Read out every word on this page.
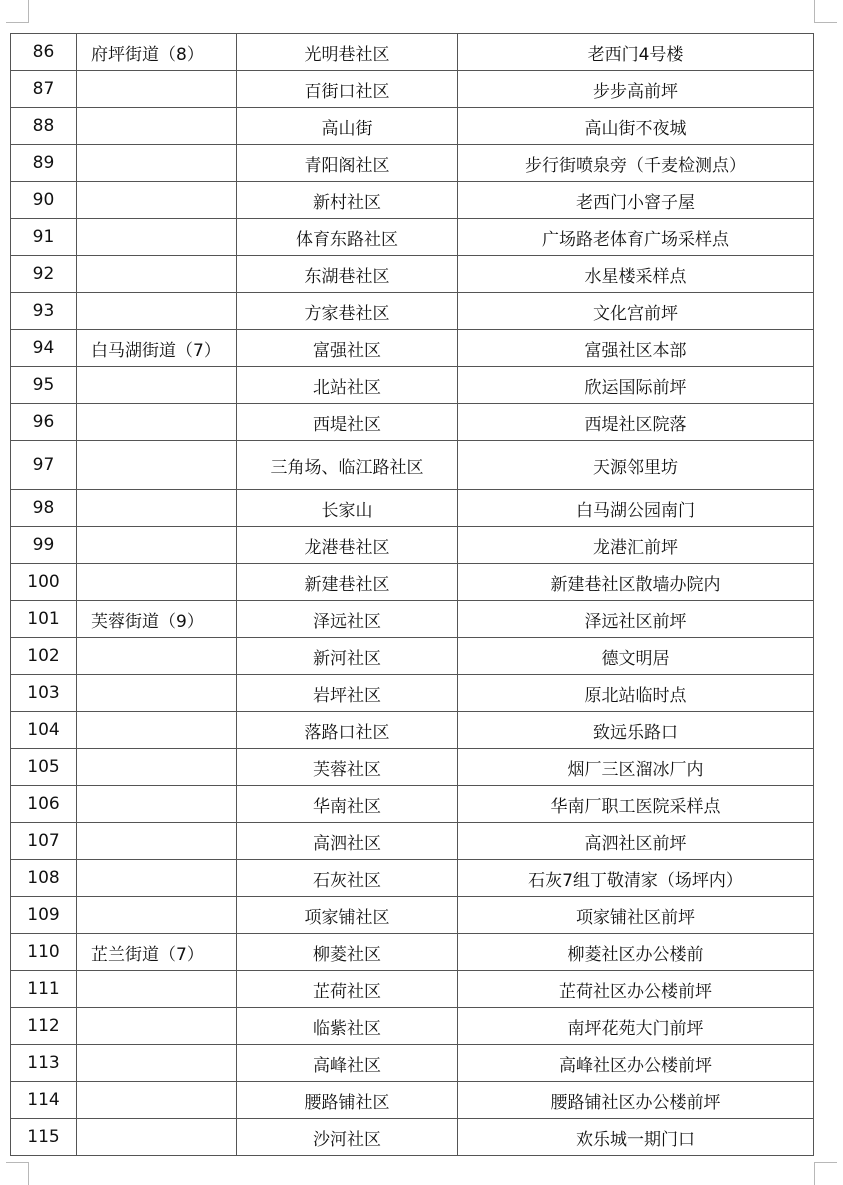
86	府坪街道（8）	光明巷社区	老西门4号楼
87		百街口社区	步步高前坪
88		高山街	高山街不夜城
89		青阳阁社区	步行街喷泉旁（千麦检测点）
90		新村社区	老西门小窨子屋
91		体育东路社区	广场路老体育广场采样点
92		东湖巷社区	水星楼采样点
93		方家巷社区	文化宫前坪
94	白马湖街道（7）	富强社区	富强社区本部
95		北站社区	欣运国际前坪
96		西堤社区	西堤社区院落
97		三角场、临江路社区	天源邻里坊
98		长家山	白马湖公园南门
99		龙港巷社区	龙港汇前坪
100		新建巷社区	新建巷社区散墙办院内
101	芙蓉街道（9）	泽远社区	泽远社区前坪
102		新河社区	德文明居
103		岩坪社区	原北站临时点
104		落路口社区	致远乐路口
105		芙蓉社区	烟厂三区溜冰厂内
106		华南社区	华南厂职工医院采样点
107		高泗社区	高泗社区前坪
108		石灰社区	石灰7组丁敬清家（场坪内）
109		项家铺社区	项家铺社区前坪
110	芷兰街道（7）	柳菱社区	柳菱社区办公楼前
111		芷荷社区	芷荷社区办公楼前坪
112		临紫社区	南坪花苑大门前坪
113		高峰社区	高峰社区办公楼前坪
114		腰路铺社区	腰路铺社区办公楼前坪
115		沙河社区	欢乐城一期门口
